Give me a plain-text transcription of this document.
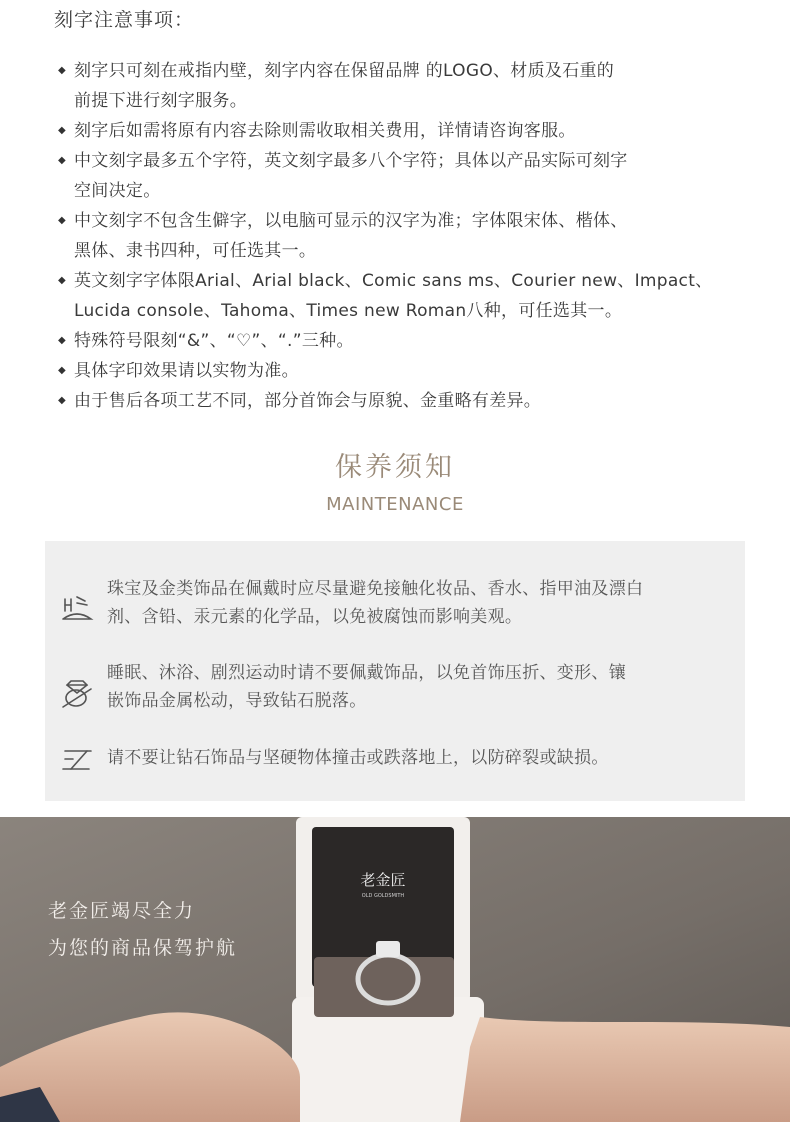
刻字注意事项：
◆ 刻字只可刻在戒指内壁，刻字内容在保留品牌 的LOGO、材质及石重的
前提下进行刻字服务。
◆ 刻字后如需将原有内容去除则需收取相关费用，详情请咨询客服。
◆ 中文刻字最多五个字符，英文刻字最多八个字符；具体以产品实际可刻字
空间决定。
◆ 中文刻字不包含生僻字，以电脑可显示的汉字为准；字体限宋体、楷体、
黑体、隶书四种，可任选其一。
◆ 英文刻字字体限Arial、Arial black、Comic sans ms、Courier new、Impact、
Lucida console、Tahoma、Times new Roman八种，可任选其一。
◆ 特殊符号限刻“&”、“♡”、“.”三种。
◆ 具体字印效果请以实物为准。
◆ 由于售后各项工艺不同，部分首饰会与原貌、金重略有差异。
保养须知
MAINTENANCE
珠宝及金类饰品在佩戴时应尽量避免接触化妆品、香水、指甲油及漂白
剂、含铅、汞元素的化学品，以免被腐蚀而影响美观。
睡眠、沐浴、剧烈运动时请不要佩戴饰品，以免首饰压折、变形、镶
嵌饰品金属松动，导致钻石脱落。
请不要让钻石饰品与坚硬物体撞击或跌落地上，以防碎裂或缺损。
老金匠
OLD GOLDSMITH
老金匠竭尽全力
为您的商品保驾护航
